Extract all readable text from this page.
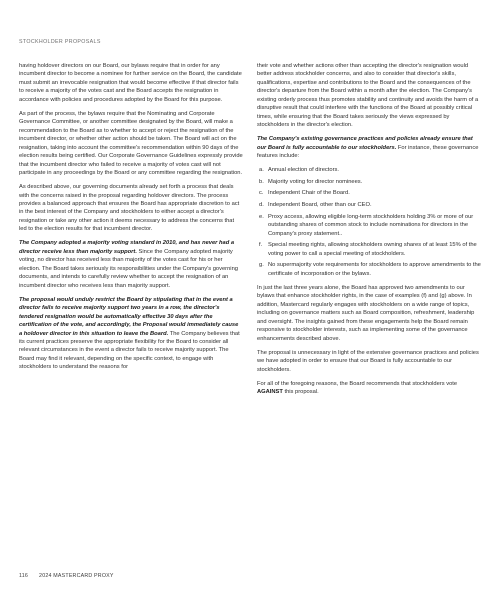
STOCKHOLDER PROPOSALS

having holdover directors on our Board, our bylaws require that in order for any incumbent director to become a nominee for further service on the Board, the candidate must submit an irrevocable resignation that would become effective if that director fails to receive a majority of the votes cast and the Board accepts the resignation in accordance with policies and procedures adopted by the Board for this purpose.

As part of the process, the bylaws require that the Nominating and Corporate Governance Committee, or another committee designated by the Board, will make a recommendation to the Board as to whether to accept or reject the resignation of the incumbent director, or whether other action should be taken. The Board will act on the resignation, taking into account the committee's recommendation within 90 days of the election results being certified. Our Corporate Governance Guidelines expressly provide that the incumbent director who failed to receive a majority of votes cast will not participate in any proceedings by the Board or any committee regarding the resignation.

As described above, our governing documents already set forth a process that deals with the concerns raised in the proposal regarding holdover directors. The process provides a balanced approach that ensures the Board has appropriate discretion to act in the best interest of the Company and stockholders to either accept a director's resignation or take any other action it deems necessary to address the concerns that led to the election results for that incumbent director.

The Company adopted a majority voting standard in 2010, and has never had a director receive less than majority support. Since the Company adopted majority voting, no director has received less than majority of the votes cast for his or her election. The Board takes seriously its responsibilities under the Company's governing documents, and intends to carefully review whether to accept the resignation of an incumbent director who receives less than majority support.

The proposal would unduly restrict the Board by stipulating that in the event a director fails to receive majority support two years in a row, the director's tendered resignation would be automatically effective 30 days after the certification of the vote, and accordingly, the Proposal would immediately cause a holdover director in this situation to leave the Board. The Company believes that its current practices preserve the appropriate flexibility for the Board to consider all relevant circumstances in the event a director fails to receive majority support. The Board may find it relevant, depending on the specific context, to engage with stockholders to understand the reasons for

their vote and whether actions other than accepting the director's resignation would better address stockholder concerns, and also to consider that director's skills, qualifications, expertise and contributions to the Board and the consequences of the director's departure from the Board within a month after the election. The Company's existing orderly process thus promotes stability and continuity and avoids the harm of a disruptive result that could interfere with the functions of the Board at possibly critical times, while ensuring that the Board takes seriously the views expressed by stockholders in the director's election.

The Company's existing governance practices and policies already ensure that our Board is fully accountable to our stockholders. For instance, these governance features include:

a. Annual election of directors.
b. Majority voting for director nominees.
c. Independent Chair of the Board.
d. Independent Board, other than our CEO.
e. Proxy access, allowing eligible long-term stockholders holding 3% or more of our outstanding shares of common stock to include nominations for directors in the Company's proxy statement..
f. Special meeting rights, allowing stockholders owning shares of at least 15% of the voting power to call a special meeting of stockholders.
g. No supermajority vote requirements for stockholders to approve amendments to the certificate of incorporation or the bylaws.

In just the last three years alone, the Board has approved two amendments to our bylaws that enhance stockholder rights, in the case of examples (f) and (g) above. In addition, Mastercard regularly engages with stockholders on a wide range of topics, including on governance matters such as Board composition, refreshment, leadership and oversight. The insights gained from these engagements help the Board remain responsive to stockholder interests, such as implementing some of the governance enhancements described above.

The proposal is unnecessary in light of the extensive governance practices and policies we have adopted in order to ensure that our Board is fully accountable to our stockholders.

For all of the foregoing reasons, the Board recommends that stockholders vote AGAINST this proposal.

116 2024 MASTERCARD PROXY
